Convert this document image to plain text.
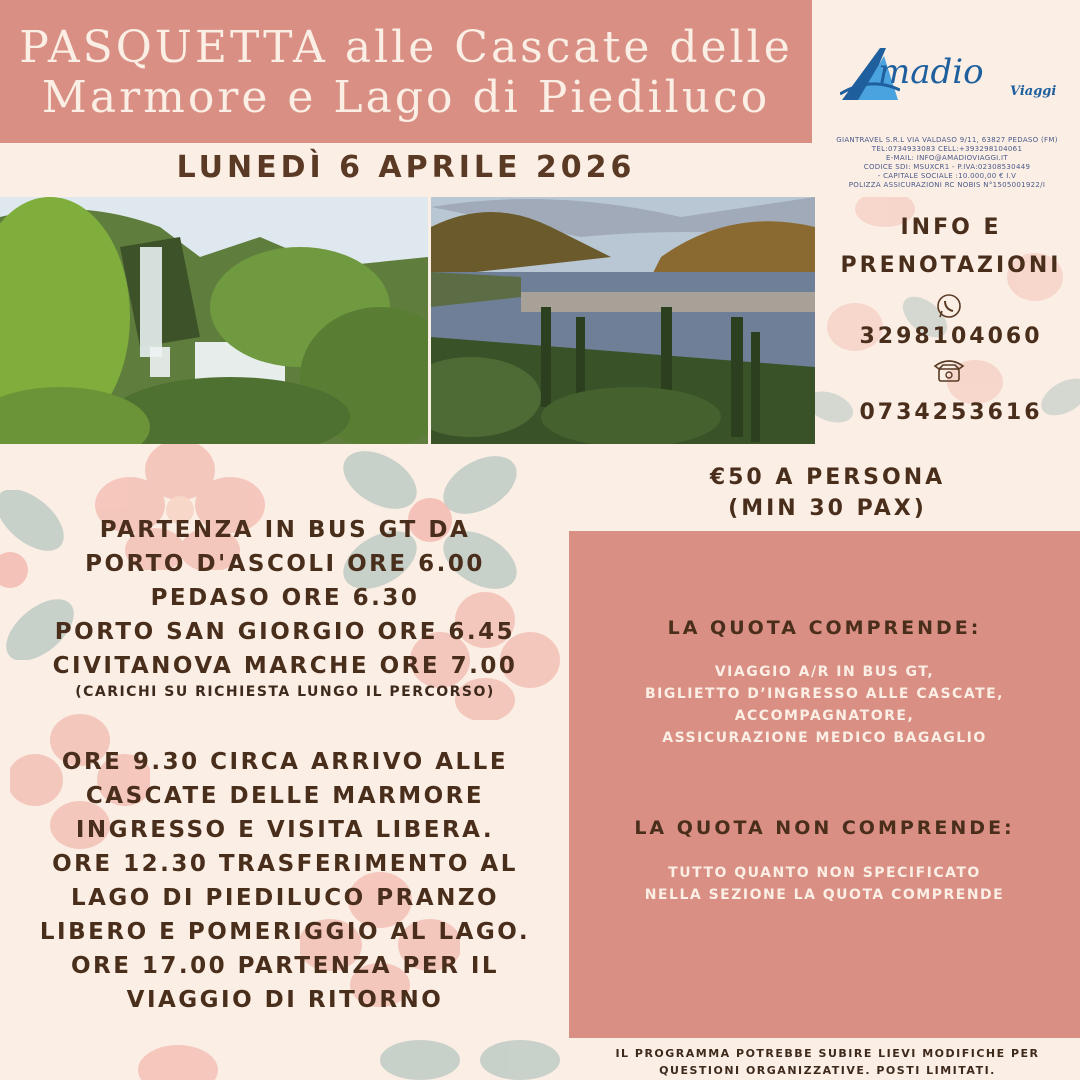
PASQUETTA alle Cascate delle
Marmore e Lago di Piediluco
LUNEDÌ 6 APRILE 2026
madio Viaggi
GIANTRAVEL S.R.L VIA VALDASO 9/11, 63827 PEDASO (FM)
TEL:0734933083 CELL:+393298104061
E-MAIL: INFO@AMADIOVIAGGI.IT
CODICE SDI: MSUXCR1 - P.IVA:02308530449
- CAPITALE SOCIALE :10.000,00 € I.V
POLIZZA ASSICURAZIONI RC NOBIS N°1505001922/I
INFO E
PRENOTAZIONI
3298104060
0734253616
€50 A PERSONA
(MIN 30 PAX)
LA QUOTA COMPRENDE:
VIAGGIO A/R IN BUS GT,
BIGLIETTO D’INGRESSO ALLE CASCATE,
ACCOMPAGNATORE,
ASSICURAZIONE MEDICO BAGAGLIO
LA QUOTA NON COMPRENDE:
TUTTO QUANTO NON SPECIFICATO
NELLA SEZIONE LA QUOTA COMPRENDE
IL PROGRAMMA POTREBBE SUBIRE LIEVI MODIFICHE PER
QUESTIONI ORGANIZZATIVE. POSTI LIMITATI.
PARTENZA IN BUS GT DA
PORTO D'ASCOLI ORE 6.00
PEDASO ORE 6.30
PORTO SAN GIORGIO ORE 6.45
CIVITANOVA MARCHE ORE 7.00
(CARICHI SU RICHIESTA LUNGO IL PERCORSO)
ORE 9.30 CIRCA ARRIVO ALLE
CASCATE DELLE MARMORE
INGRESSO E VISITA LIBERA.
ORE 12.30 TRASFERIMENTO AL
LAGO DI PIEDILUCO PRANZO
LIBERO E POMERIGGIO AL LAGO.
ORE 17.00 PARTENZA PER IL
VIAGGIO DI RITORNO
